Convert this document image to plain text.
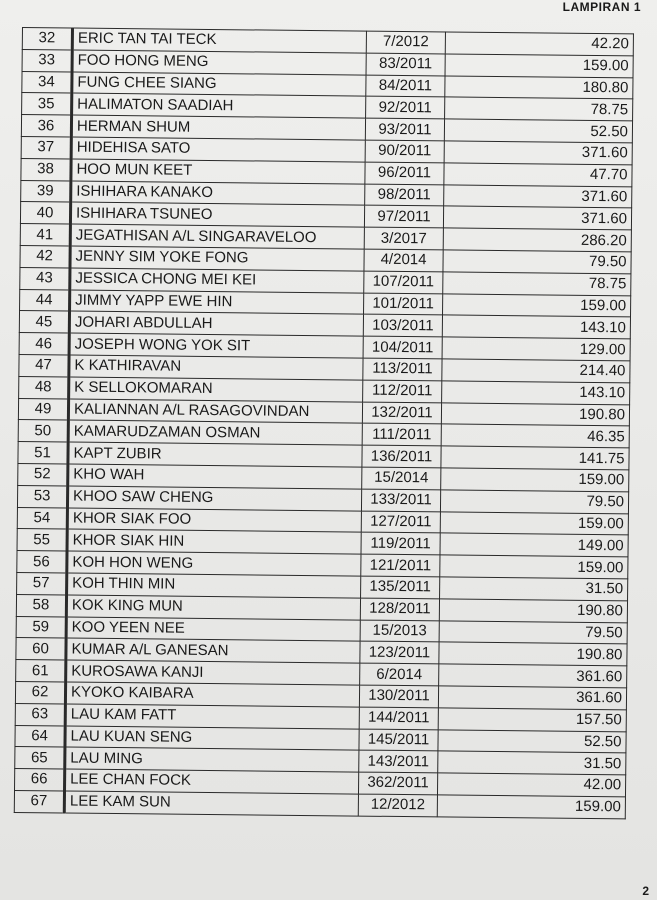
LAMPIRAN 1
32	ERIC TAN TAI TECK	7/2012	42.20
33	FOO HONG MENG	83/2011	159.00
34	FUNG CHEE SIANG	84/2011	180.80
35	HALIMATON SAADIAH	92/2011	78.75
36	HERMAN SHUM	93/2011	52.50
37	HIDEHISA SATO	90/2011	371.60
38	HOO MUN KEET	96/2011	47.70
39	ISHIHARA KANAKO	98/2011	371.60
40	ISHIHARA TSUNEO	97/2011	371.60
41	JEGATHISAN A/L SINGARAVELOO	3/2017	286.20
42	JENNY SIM YOKE FONG	4/2014	79.50
43	JESSICA CHONG MEI KEI	107/2011	78.75
44	JIMMY YAPP EWE HIN	101/2011	159.00
45	JOHARI ABDULLAH	103/2011	143.10
46	JOSEPH WONG YOK SIT	104/2011	129.00
47	K KATHIRAVAN	113/2011	214.40
48	K SELLOKOMARAN	112/2011	143.10
49	KALIANNAN A/L RASAGOVINDAN	132/2011	190.80
50	KAMARUDZAMAN OSMAN	111/2011	46.35
51	KAPT ZUBIR	136/2011	141.75
52	KHO WAH	15/2014	159.00
53	KHOO SAW CHENG	133/2011	79.50
54	KHOR SIAK FOO	127/2011	159.00
55	KHOR SIAK HIN	119/2011	149.00
56	KOH HON WENG	121/2011	159.00
57	KOH THIN MIN	135/2011	31.50
58	KOK KING MUN	128/2011	190.80
59	KOO YEEN NEE	15/2013	79.50
60	KUMAR A/L GANESAN	123/2011	190.80
61	KUROSAWA KANJI	6/2014	361.60
62	KYOKO KAIBARA	130/2011	361.60
63	LAU KAM FATT	144/2011	157.50
64	LAU KUAN SENG	145/2011	52.50
65	LAU MING	143/2011	31.50
66	LEE CHAN FOCK	362/2011	42.00
67	LEE KAM SUN	12/2012	159.00
2
